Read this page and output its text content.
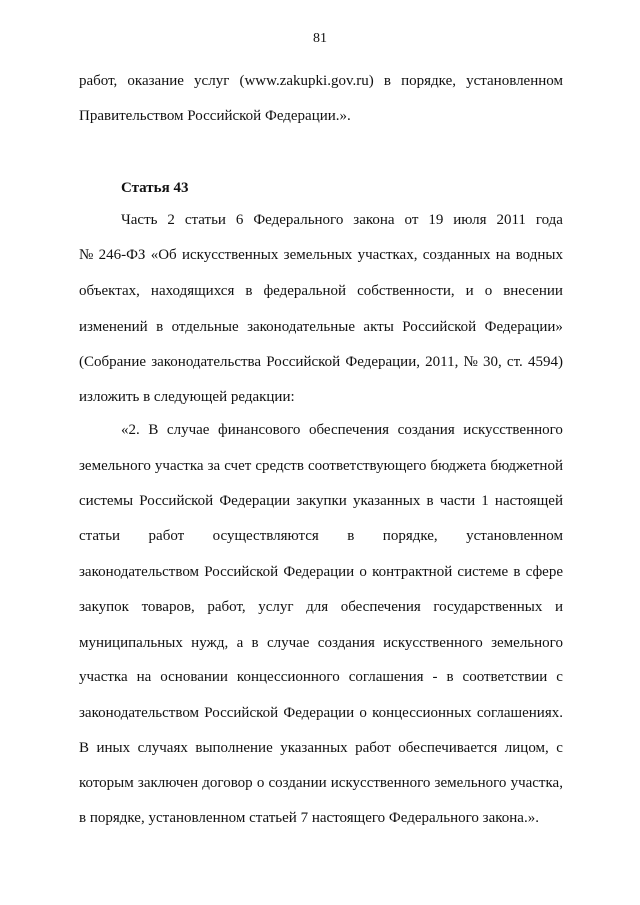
81
работ, оказание услуг (www.zakupki.gov.ru) в порядке, установленном
Правительством Российской Федерации.».
Статья 43
Часть 2 статьи 6 Федерального закона от 19 июля 2011 года
№ 246-ФЗ «Об искусственных земельных участках, созданных на водных
объектах, находящихся в федеральной собственности, и о внесении
изменений в отдельные законодательные акты Российской Федерации»
(Собрание законодательства Российской Федерации, 2011, № 30, ст. 4594)
изложить в следующей редакции:
«2. В случае финансового обеспечения создания искусственного
земельного участка за счет средств соответствующего бюджета бюджетной
системы Российской Федерации закупки указанных в части 1 настоящей
статьи работ осуществляются в порядке, установленном
законодательством Российской Федерации о контрактной системе в сфере
закупок товаров, работ, услуг для обеспечения государственных и
муниципальных нужд, а в случае создания искусственного земельного
участка на основании концессионного соглашения - в соответствии с
законодательством Российской Федерации о концессионных соглашениях.
В иных случаях выполнение указанных работ обеспечивается лицом, с
которым заключен договор о создании искусственного земельного участка,
в порядке, установленном статьей 7 настоящего Федерального закона.».
